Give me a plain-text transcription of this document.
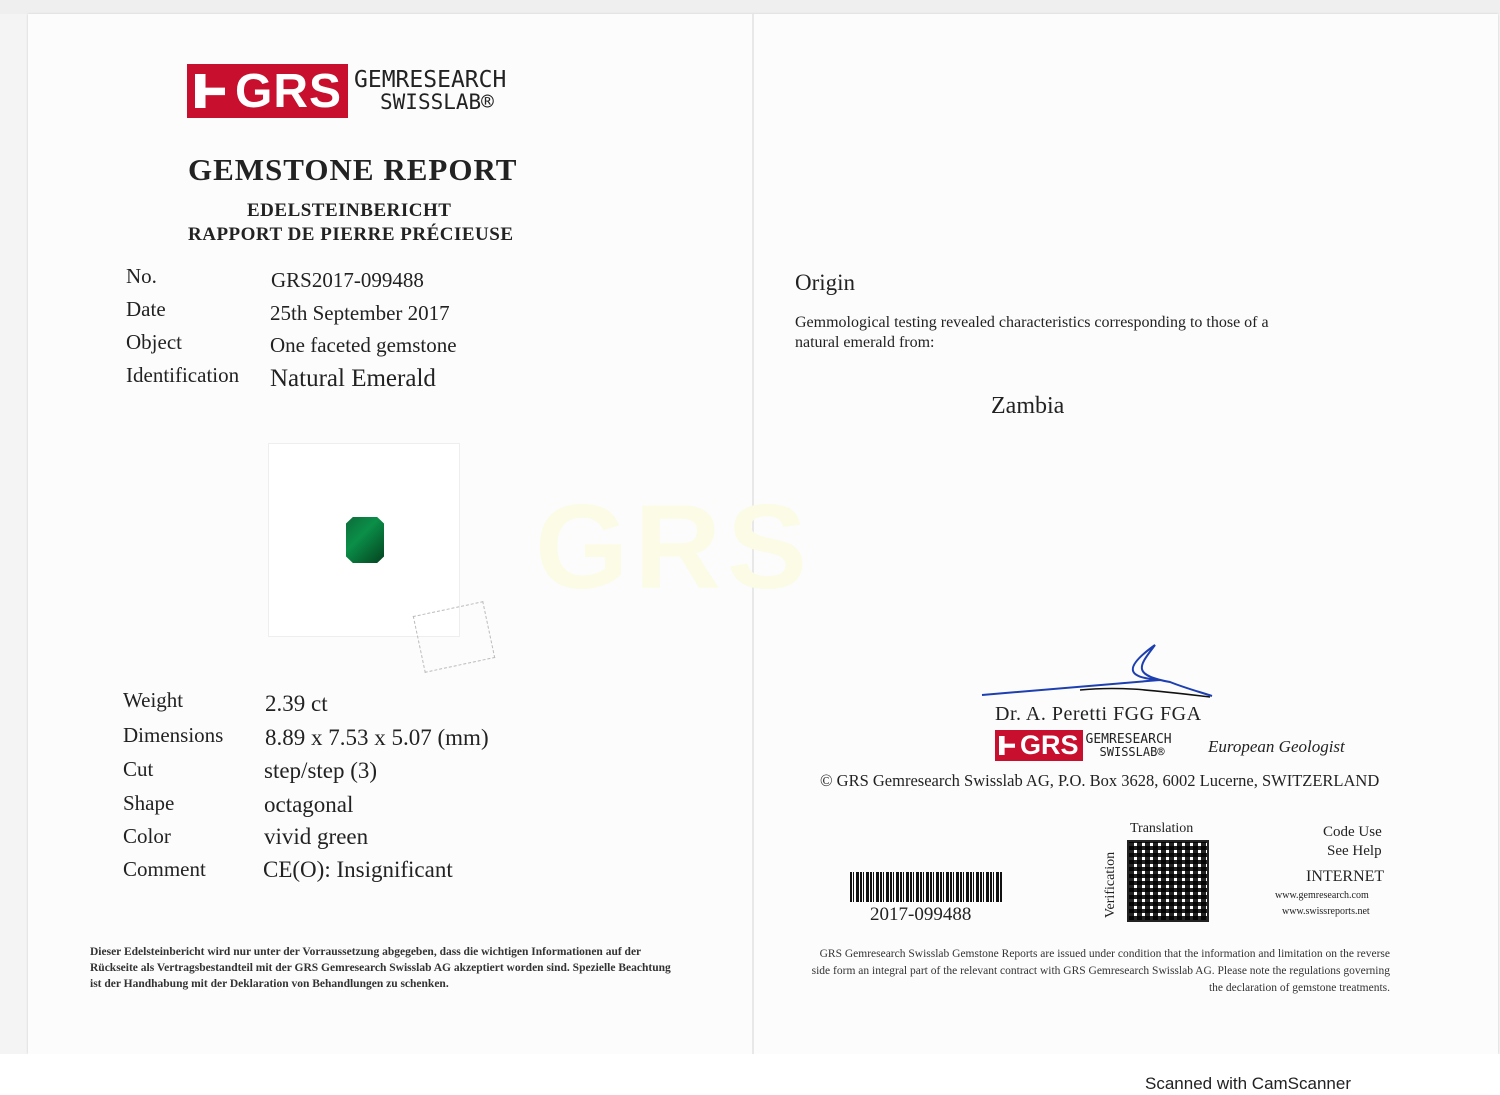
GRS GEMRESEARCH
SWISSLAB®
GEMSTONE REPORT
EDELSTEINBERICHT
RAPPORT DE PIERRE PRÉCIEUSE
No.	GRS2017-099488
Date	25th September 2017
Object	One faceted gemstone
Identification Natural Emerald
Weight	2.39 ct
Dimensions 8.89 x 7.53 x 5.07 (mm)
Cut	step/step (3)
Shape	octagonal
Color	vivid green
Comment CE(O): Insignificant
Dieser Edelsteinbericht wird nur unter der Vorraussetzung abgegeben, dass die wichtigen Informationen auf der Rückseite als Vertragsbestandteil mit der GRS Gemresearch Swisslab AG akzeptiert worden sind. Spezielle Beachtung ist der Handhabung mit der Deklaration von Behandlungen zu schenken.
GRS
Origin
Gemmological testing revealed characteristics corresponding to those of a natural emerald from:
Zambia
Dr. A. Peretti FGG FGA
GRS GEMRESEARCH
SWISSLAB®	European Geologist
© GRS Gemresearch Swisslab AG, P.O. Box 3628, 6002 Lucerne, SWITZERLAND
2017-099488	Verification
Translation	Code Use
See Help
INTERNET
www.gemresearch.com
www.swissreports.net
GRS Gemresearch Swisslab Gemstone Reports are issued under condition that the information and limitation on the reverse side form an integral part of the relevant contract with GRS Gemresearch Swisslab AG. Please note the regulations governing the declaration of gemstone treatments.
Scanned with CamScanner
